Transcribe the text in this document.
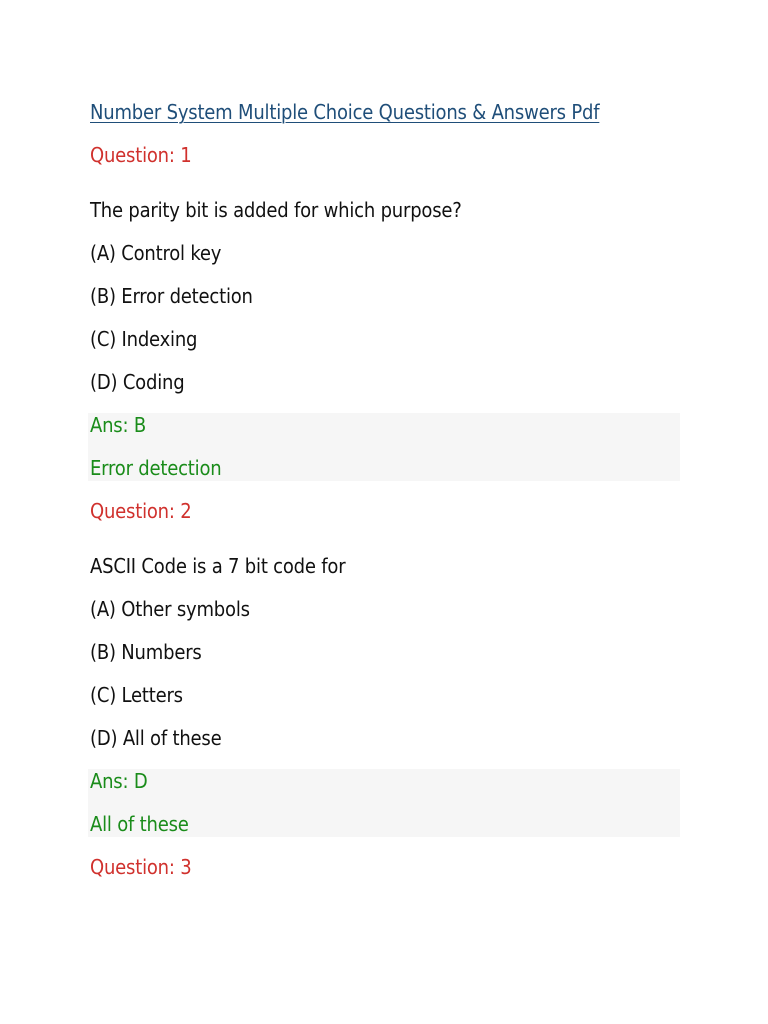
Number System Multiple Choice Questions & Answers Pdf
Question: 1
The parity bit is added for which purpose?
(A) Control key
(B) Error detection
(C) Indexing
(D) Coding
Ans: B
Error detection
Question: 2
ASCII Code is a 7 bit code for
(A) Other symbols
(B) Numbers
(C) Letters
(D) All of these
Ans: D
All of these
Question: 3
